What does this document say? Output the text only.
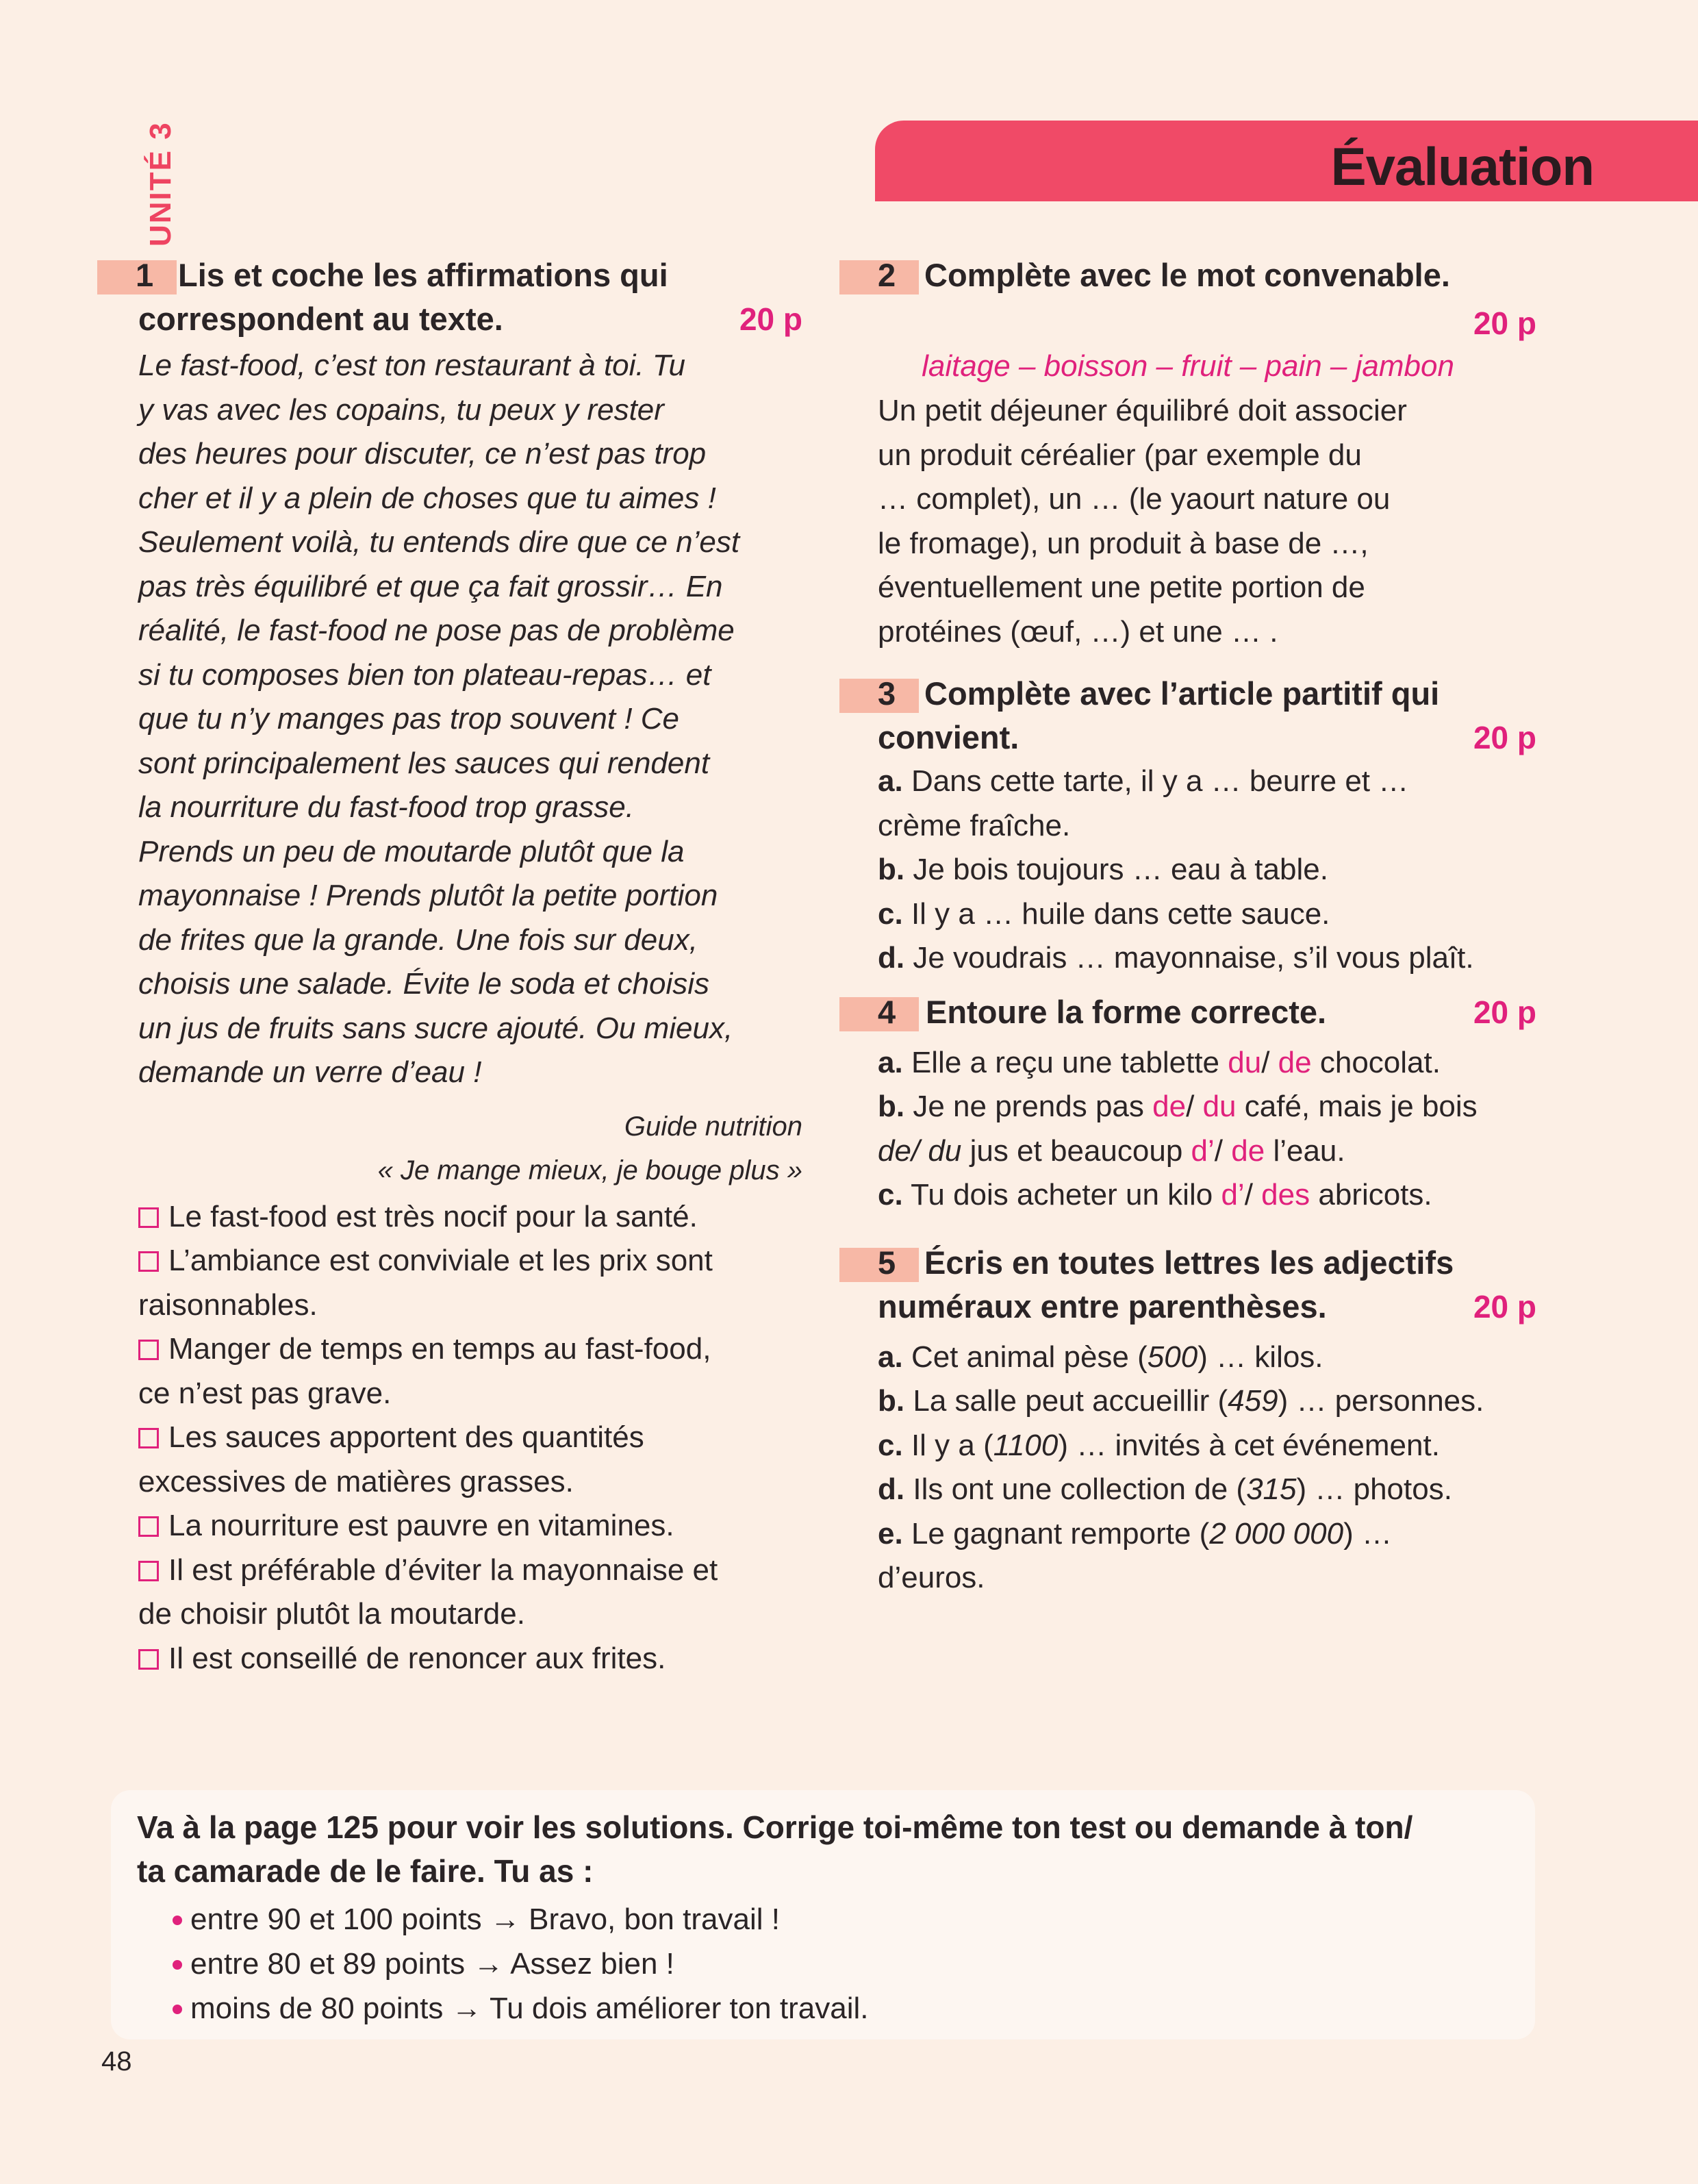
UNITÉ 3	Évaluation
1 Lis et coche les affirmations qui
correspondent au texte.	20 p
Le fast-food, c’est ton restaurant à toi. Tu
y vas avec les copains, tu peux y rester
des heures pour discuter, ce n’est pas trop
cher et il y a plein de choses que tu aimes !
Seulement voilà, tu entends dire que ce n’est
pas très équilibré et que ça fait grossir… En
réalité, le fast-food ne pose pas de problème
si tu composes bien ton plateau-repas… et
que tu n’y manges pas trop souvent ! Ce
sont principalement les sauces qui rendent
la nourriture du fast-food trop grasse.
Prends un peu de moutarde plutôt que la
mayonnaise ! Prends plutôt la petite portion
de frites que la grande. Une fois sur deux,
choisis une salade. Évite le soda et choisis
un jus de fruits sans sucre ajouté. Ou mieux,
demande un verre d’eau !
Guide nutrition
« Je mange mieux, je bouge plus »
Le fast-food est très nocif pour la santé.
L’ambiance est conviviale et les prix sont
raisonnables.
Manger de temps en temps au fast-food,
ce n’est pas grave.
Les sauces apportent des quantités
excessives de matières grasses.
La nourriture est pauvre en vitamines.
Il est préférable d’éviter la mayonnaise et
de choisir plutôt la moutarde.
Il est conseillé de renoncer aux frites.
2 Complète avec le mot convenable.
20 p
laitage – boisson – fruit – pain – jambon
Un petit déjeuner équilibré doit associer
un produit céréalier (par exemple du
… complet), un … (le yaourt nature ou
le fromage), un produit à base de …,
éventuellement une petite portion de
protéines (œuf, …) et une … .
3 Complète avec l’article partitif qui
convient.	20 p
a. Dans cette tarte, il y a … beurre et …
crème fraîche.
b. Je bois toujours … eau à table.
c. Il y a … huile dans cette sauce.
d. Je voudrais … mayonnaise, s’il vous plaît.
4 Entoure la forme correcte.	20 p
a. Elle a reçu une tablette du/ de chocolat.
b. Je ne prends pas de/ du café, mais je bois
de/ du jus et beaucoup d’/ de l’eau.
c. Tu dois acheter un kilo d’/ des abricots.
5 Écris en toutes lettres les adjectifs
numéraux entre parenthèses.	20 p
a. Cet animal pèse (500) … kilos.
b. La salle peut accueillir (459) … personnes.
c. Il y a (1100) … invités à cet événement.
d. Ils ont une collection de (315) … photos.
e. Le gagnant remporte (2 000 000) …
d’euros.
Va à la page 125 pour voir les solutions. Corrige toi-même ton test ou demande à ton/
ta camarade de le faire. Tu as :
entre 90 et 100 points → Bravo, bon travail !
entre 80 et 89 points → Assez bien !
moins de 80 points → Tu dois améliorer ton travail.
48
